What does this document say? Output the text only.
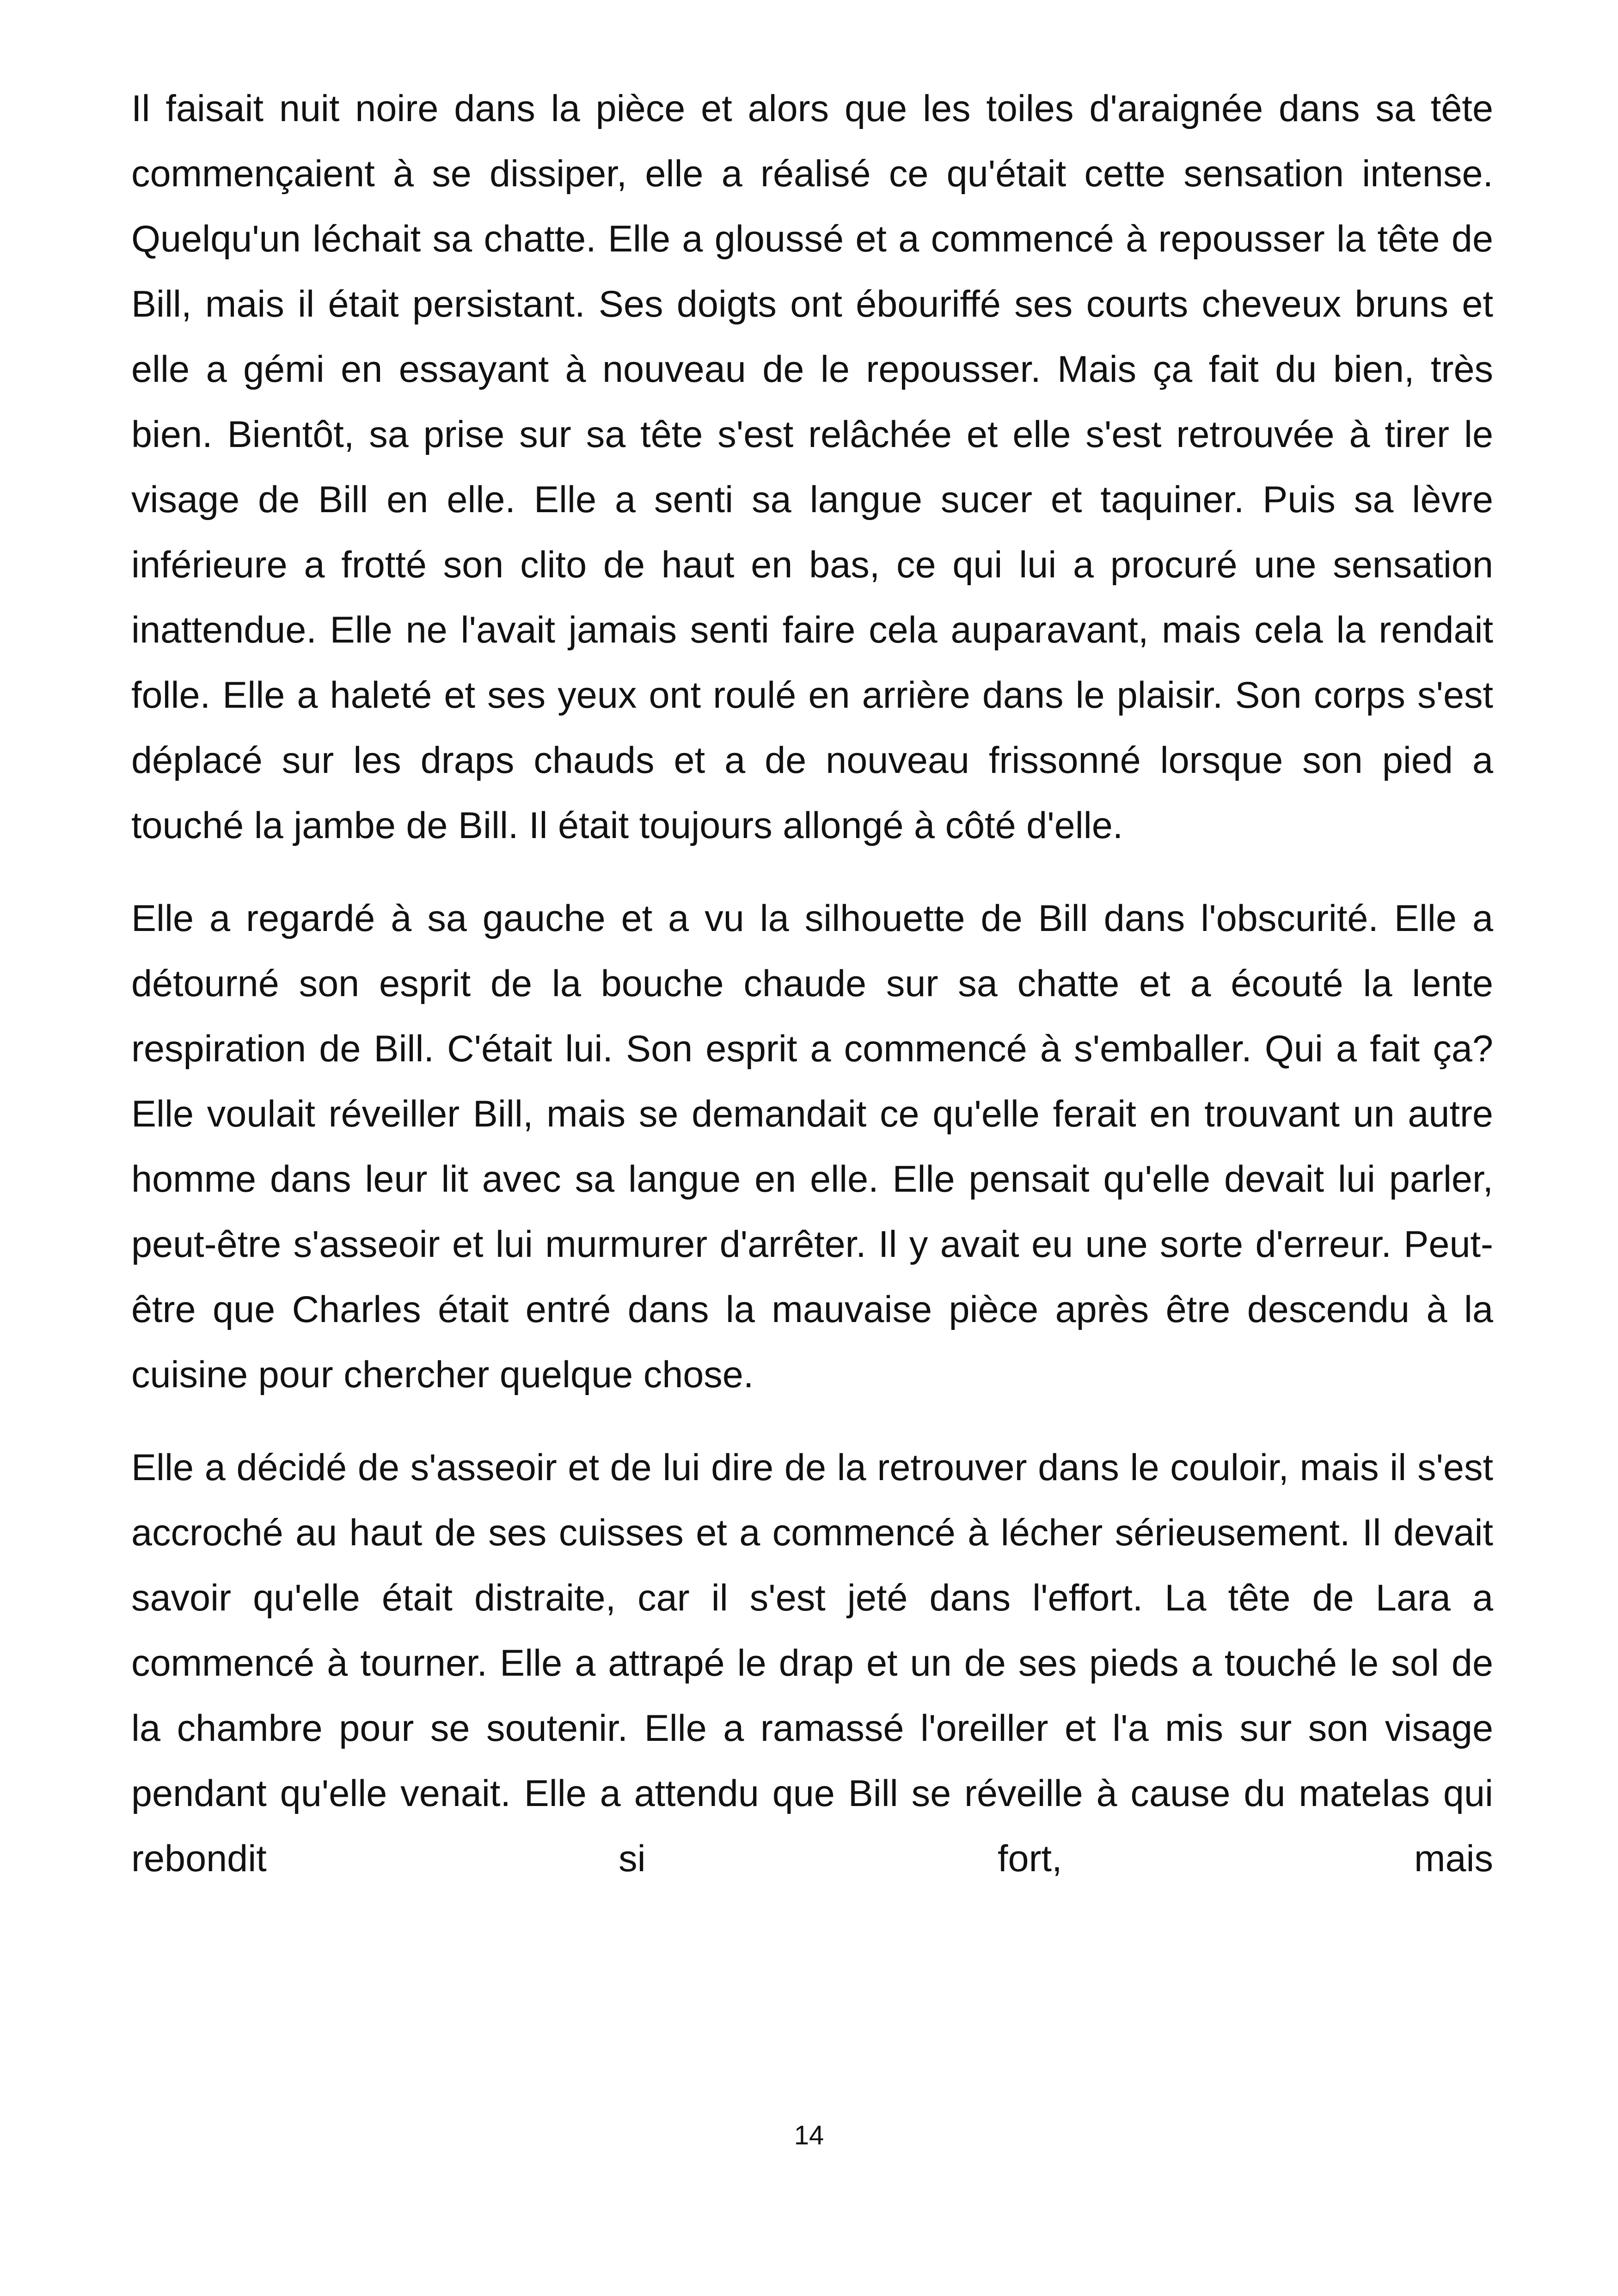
Il faisait nuit noire dans la pièce et alors que les toiles d'araignée dans sa tête commençaient à se dissiper, elle a réalisé ce qu'était cette sensation intense. Quelqu'un léchait sa chatte. Elle a gloussé et a commencé à repousser la tête de Bill, mais il était persistant. Ses doigts ont ébouriffé ses courts cheveux bruns et elle a gémi en essayant à nouveau de le repousser. Mais ça fait du bien, très bien. Bientôt, sa prise sur sa tête s'est relâchée et elle s'est retrouvée à tirer le visage de Bill en elle. Elle a senti sa langue sucer et taquiner. Puis sa lèvre inférieure a frotté son clito de haut en bas, ce qui lui a procuré une sensation inattendue. Elle ne l'avait jamais senti faire cela auparavant, mais cela la rendait folle. Elle a haleté et ses yeux ont roulé en arrière dans le plaisir. Son corps s'est déplacé sur les draps chauds et a de nouveau frissonné lorsque son pied a touché la jambe de Bill. Il était toujours allongé à côté d'elle.

Elle a regardé à sa gauche et a vu la silhouette de Bill dans l'obscurité. Elle a détourné son esprit de la bouche chaude sur sa chatte et a écouté la lente respiration de Bill. C'était lui. Son esprit a commencé à s'emballer. Qui a fait ça? Elle voulait réveiller Bill, mais se demandait ce qu'elle ferait en trouvant un autre homme dans leur lit avec sa langue en elle. Elle pensait qu'elle devait lui parler, peut-être s'asseoir et lui murmurer d'arrêter. Il y avait eu une sorte d'erreur. Peut-être que Charles était entré dans la mauvaise pièce après être descendu à la cuisine pour chercher quelque chose.

Elle a décidé de s'asseoir et de lui dire de la retrouver dans le couloir, mais il s'est accroché au haut de ses cuisses et a commencé à lécher sérieusement. Il devait savoir qu'elle était distraite, car il s'est jeté dans l'effort. La tête de Lara a commencé à tourner. Elle a attrapé le drap et un de ses pieds a touché le sol de la chambre pour se soutenir. Elle a ramassé l'oreiller et l'a mis sur son visage pendant qu'elle venait. Elle a attendu que Bill se réveille à cause du matelas qui rebondit si fort, mais

14
